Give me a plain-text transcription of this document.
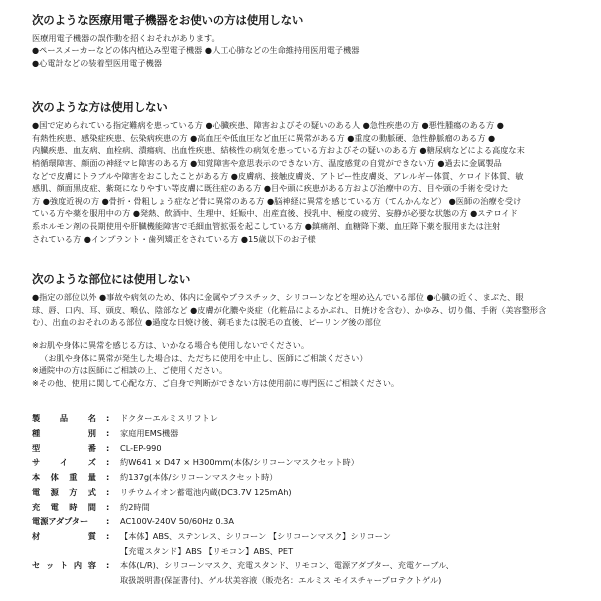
次のような医療用電子機器をお使いの方は使用しない

医療用電子機器の誤作動を招くおそれがあります。

●ペースメーカーなどの体内植込み型電子機器 ●人工心肺などの生命維持用医用電子機器

●心電計などの装着型医用電子機器

次のような方は使用しない

●国で定められている指定難病を患っている方 ●心臓疾患、障害およびその疑いのある人 ●急性疾患の方 ●悪性腫瘍のある方 ●

有熱性疾患、感染症疾患、伝染病疾患の方 ●高血圧や低血圧など血圧に異常がある方 ●重度の動脈硬、急性静脈瘤のある方 ●

内臓疾患、血友病、血栓病、潰瘍病、出血性疾患、結核性の病気を患っている方およびその疑いのある方 ●糖尿病などによる高度な末

梢循環障害、顔面の神経マヒ障害のある方 ●知覚障害や意思表示のできない方、温度感覚の自覚ができない方 ●過去に金属製品

などで皮膚にトラブルや障害をおこしたことがある方 ●皮膚病、接触皮膚炎、アトピー性皮膚炎、アレルギー体質、ケロイド体質、敏

感肌、顔面黒皮症、紫斑になりやすい等皮膚に既往症のある方 ●目や頭に疾患がある方および治療中の方、目や頭の手術を受けた

方 ●強度近視の方 ●骨折・骨粗しょう症など骨に異常のある方 ●脳神経に異常を感じている方（てんかんなど） ●医師の治療を受け

ている方や薬を服用中の方 ●発熱、飲酒中、生理中、妊娠中、出産直後、授乳中、極度の疲労、妄静が必要な状態の方 ●ステロイド

系ホルモン剤の長期使用や肝臓機能障害で毛細血管拡張を起こしている方 ●鎮痛剤、血糖降下薬、血圧降下薬を服用または注射

されている方 ●インプラント・歯列矯正をされている方 ●15歳以下のお子様

次のような部位には使用しない

●指定の部位以外 ●事故や病気のため、体内に金属やプラスチック、シリコーンなどを埋め込んでいる部位 ●心臓の近く、まぶた、眼

球、唇、口内、耳、頭皮、喉仏、陰部など ●皮膚が化膿や炎症（化粧品によるかぶれ、日焼けを含む）、かゆみ、切り傷、手術（美容整形含

む）、出血のおそれのある部位 ●過度な日焼け後、剃毛または脱毛の直後、ピーリング後の部位

※お肌や身体に異常を感じる方は、いかなる場合も使用しないでください。

（お肌や身体に異常が発生した場合は、ただちに使用を中止し、医師にご相談ください）

※通院中の方は医師にご相談の上、ご使用ください。

※その他、使用に関して心配な方、ご自身で判断ができない方は使用前に専門医にご相談ください。

製 品 名	:	ドクターエルミスリフトレ

種 別	:	家庭用EMS機器

型 番	:	CL-EP-990

サ イ ズ	:	約W641 × D47 × H300mm(本体/シリコーンマスクセット時）

本 体 重 量	:	約137g(本体/シリコーンマスクセット時）

電 源 方 式	:	リチウムイオン蓄電池内蔵(DC3.7V 125mAh)

充 電 時 間	:	約2時間
電源アダプター	:	AC100V-240V 50/60Hz 0.3A

材 質	:	【本体】ABS、ステンレス、シリコーン 【シリコーンマスク】シリコーン
		【充電スタンド】ABS 【リモコン】ABS、PET

セ ッ ト 内 容	:	本体(L/R)、シリコーンマスク、充電スタンド、リモコン、電源アダプター、充電ケーブル、
		取扱説明書(保証書付)、ゲル状美容液（販売名：エルミス モイスチャープロテクトゲル)
